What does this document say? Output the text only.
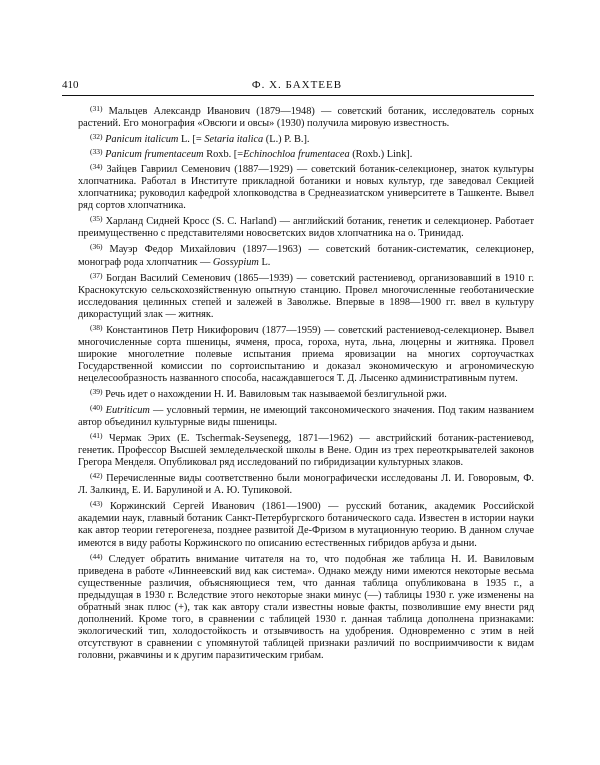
410	Ф. Х. БАХТЕЕВ

$^{(31)}$ Мальцев Александр Иванович (1879—1948) — советский ботаник, исследователь сорных растений. Его монография «Овсюги и овсы» (1930) получила мировую известность.

$^{(32)}$ Panicum italicum L. [= Setaria italica (L.) P. B.].

$^{(33)}$ Panicum frumentaceum Roxb. [=Echinochloa frumentacea (Roxb.) Link].

$^{(34)}$ Зайцев Гавриил Семенович (1887—1929) — советский ботаник-селекционер, знаток культуры хлопчатника. Работал в Институте прикладной ботаники и новых культур, где заведовал Секцией хлопчатника; руководил кафедрой хлопководства в Среднеазиатском университете в Ташкенте. Вывел ряд сортов хлопчатника.

$^{(35)}$ Харланд Сидней Кросс (S. C. Harland) — английский ботаник, генетик и селекционер. Работает преимущественно с представителями новосветских видов хлопчатника на о. Тринидад.

$^{(36)}$ Мауэр Федор Михайлович (1897—1963) — советский ботаник-систематик, селекционер, монограф рода хлопчатник — Gossypium L.

$^{(37)}$ Богдан Василий Семенович (1865—1939) — советский растениевод, организовавший в 1910 г. Краснокутскую сельскохозяйственную опытную станцию. Провел многочисленные геоботанические исследования целинных степей и залежей в Заволжье. Впервые в 1898—1900 гг. ввел в культуру дикорастущий злак — житняк.

$^{(38)}$ Константинов Петр Никифорович (1877—1959) — советский растениевод-селекционер. Вывел многочисленные сорта пшеницы, ячменя, проса, гороха, нута, льна, люцерны и житняка. Провел широкие многолетние полевые испытания приема яровизации на многих сортоучастках Государственной комиссии по сортоиспытанию и доказал экономическую и агрономическую нецелесообразность названного способа, насаждавшегося Т. Д. Лысенко административным путем.

$^{(39)}$ Речь идет о нахождении Н. И. Вавиловым так называемой безлигульной ржи.

$^{(40)}$ Eutriticum — условный термин, не имеющий таксономического значения. Под таким названием автор объединил культурные виды пшеницы.

$^{(41)}$ Чермак Эрих (E. Tschermak-Seysenegg, 1871—1962) — австрийский ботаник-растениевод, генетик. Профессор Высшей земледельческой школы в Вене. Один из трех переоткрывателей законов Грегора Менделя. Опубликовал ряд исследований по гибридизации культурных злаков.

$^{(42)}$ Перечисленные виды соответственно были монографически исследованы Л. И. Говоровым, Ф. Л. Залкинд, Е. И. Барулиной и А. Ю. Тупиковой.

$^{(43)}$ Коржинский Сергей Иванович (1861—1900) — русский ботаник, академик Российской академии наук, главный ботаник Санкт-Петербургского ботанического сада. Известен в истории науки как автор теории гетерогенеза, позднее развитой Де-Фризом в мутационную теорию. В данном случае имеются в виду работы Коржинского по описанию естественных гибридов арбуза и дыни.

$^{(44)}$ Следует обратить внимание читателя на то, что подобная же таблица Н. И. Вавиловым приведена в работе «Линнеевский вид как система». Однако между ними имеются некоторые весьма существенные различия, объясняющиеся тем, что данная таблица опубликована в 1935 г., а предыдущая в 1930 г. Вследствие этого некоторые знаки минус (—) таблицы 1930 г. уже изменены на обратный знак плюс (+), так как автору стали известны новые факты, позволившие ему внести ряд дополнений. Кроме того, в сравнении с таблицей 1930 г. данная таблица дополнена признаками: экологический тип, холодостойкость и отзывчивость на удобрения. Одновременно с этим в ней отсутствуют в сравнении с упомянутой таблицей признаки различий по восприимчивости к видам головни, ржавчины и к другим паразитическим грибам.
